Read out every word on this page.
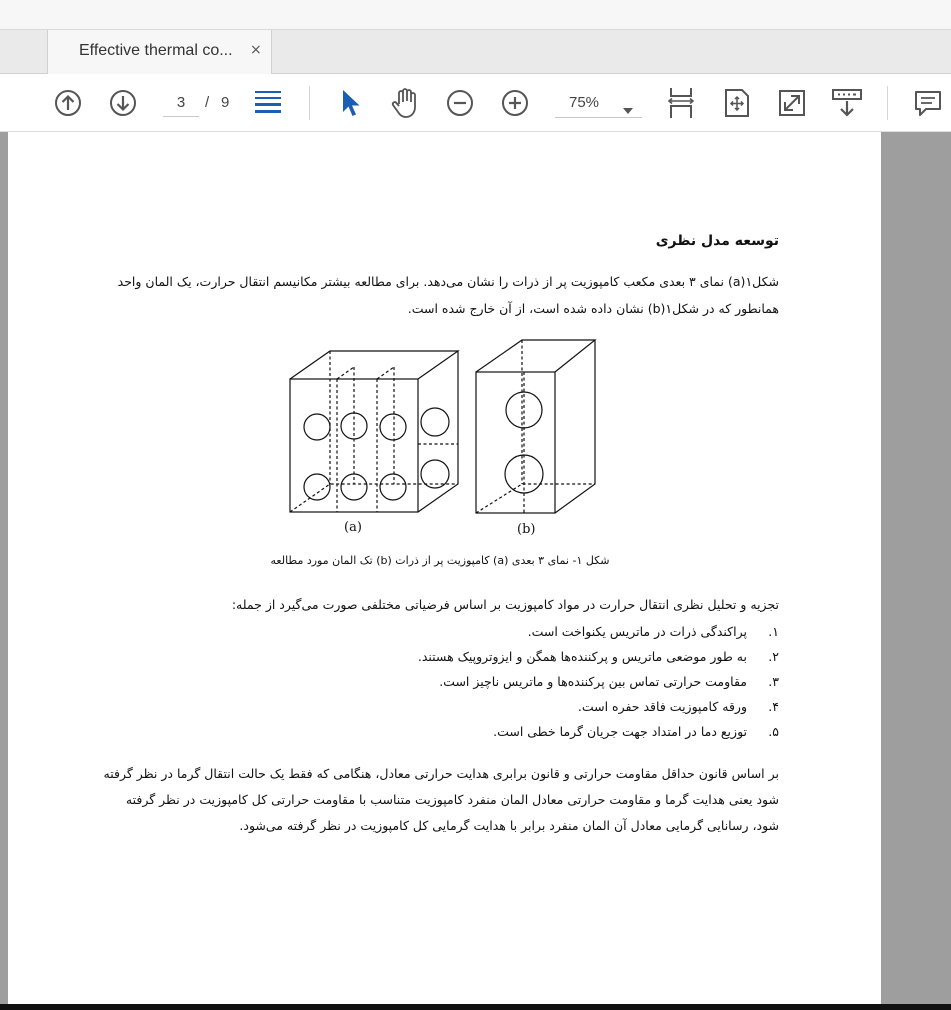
Effective thermal co... ×
3	/ 9	75%
توسعه مدل نظری
شکل۱(a) نمای ۳ بعدی مکعب کامپوزیت پر از ذرات را نشان می‌دهد. برای مطالعه بیشتر مکانیسم انتقال حرارت، یک المان واحد
همانطور که در شکل۱(b) نشان داده شده است، از آن خارج شده است.
(a)	(b)
شکل ۱- نمای ۳ بعدی (a) کامپوزیت پر از ذرات (b) تک المان مورد مطالعه
تجزیه و تحلیل نظری انتقال حرارت در مواد کامپوزیت بر اساس فرضیاتی مختلفی صورت می‌گیرد از جمله:
۱.پراکندگی ذرات در ماتریس یکنواخت است.
۲.به طور موضعی ماتریس و پرکننده‌ها همگن و ایزوتروپیک هستند.
۳.مقاومت حرارتی تماس بین پرکننده‌ها و ماتریس ناچیز است.
۴.ورقه کامپوزیت فاقد حفره است.
۵.توزیع دما در امتداد جهت جریان گرما خطی است.
بر اساس قانون حداقل مقاومت حرارتی و قانون برابری هدایت حرارتی معادل، هنگامی که فقط یک حالت انتقال گرما در نظر گرفته
شود یعنی هدایت گرما و مقاومت حرارتی معادل المان منفرد کامپوزیت متناسب با مقاومت حرارتی کل کامپوزیت در نظر گرفته
شود، رسانایی گرمایی معادل آن المان منفرد برابر با هدایت گرمایی کل کامپوزیت در نظر گرفته می‌شود.
